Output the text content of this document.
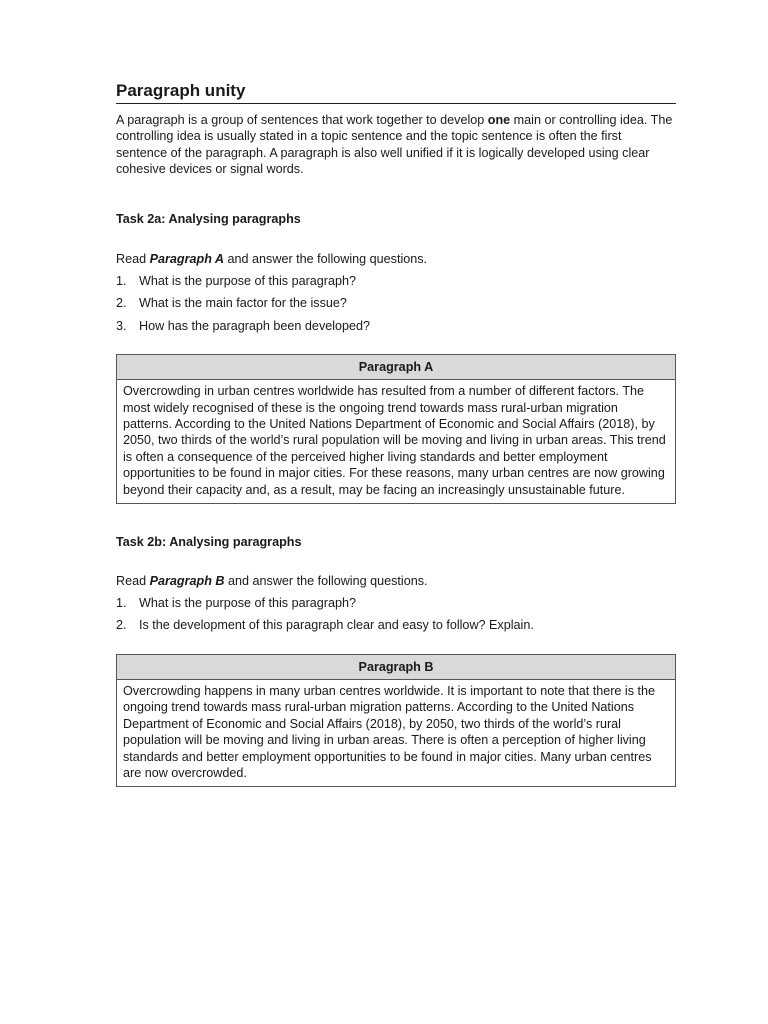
Paragraph unity

A paragraph is a group of sentences that work together to develop one main or controlling idea. The controlling idea is usually stated in a topic sentence and the topic sentence is often the first sentence of the paragraph. A paragraph is also well unified if it is logically developed using clear cohesive devices or signal words.

Task 2a: Analysing paragraphs

Read Paragraph A and answer the following questions.

1. What is the purpose of this paragraph?
2. What is the main factor for the issue?
3. How has the paragraph been developed?
Paragraph A
Overcrowding in urban centres worldwide has resulted from a number of different factors. The most widely recognised of these is the ongoing trend towards mass rural-urban migration patterns. According to the United Nations Department of Economic and Social Affairs (2018), by 2050, two thirds of the world’s rural population will be moving and living in urban areas. This trend is often a consequence of the perceived higher living standards and better employment opportunities to be found in major cities. For these reasons, many urban centres are now growing beyond their capacity and, as a result, may be facing an increasingly unsustainable future.

Task 2b: Analysing paragraphs

Read Paragraph B and answer the following questions.

1. What is the purpose of this paragraph?
2. Is the development of this paragraph clear and easy to follow? Explain.
Paragraph B
Overcrowding happens in many urban centres worldwide. It is important to note that there is the ongoing trend towards mass rural-urban migration patterns. According to the United Nations Department of Economic and Social Affairs (2018), by 2050, two thirds of the world’s rural population will be moving and living in urban areas. There is often a perception of higher living standards and better employment opportunities to be found in major cities. Many urban centres are now overcrowded.
